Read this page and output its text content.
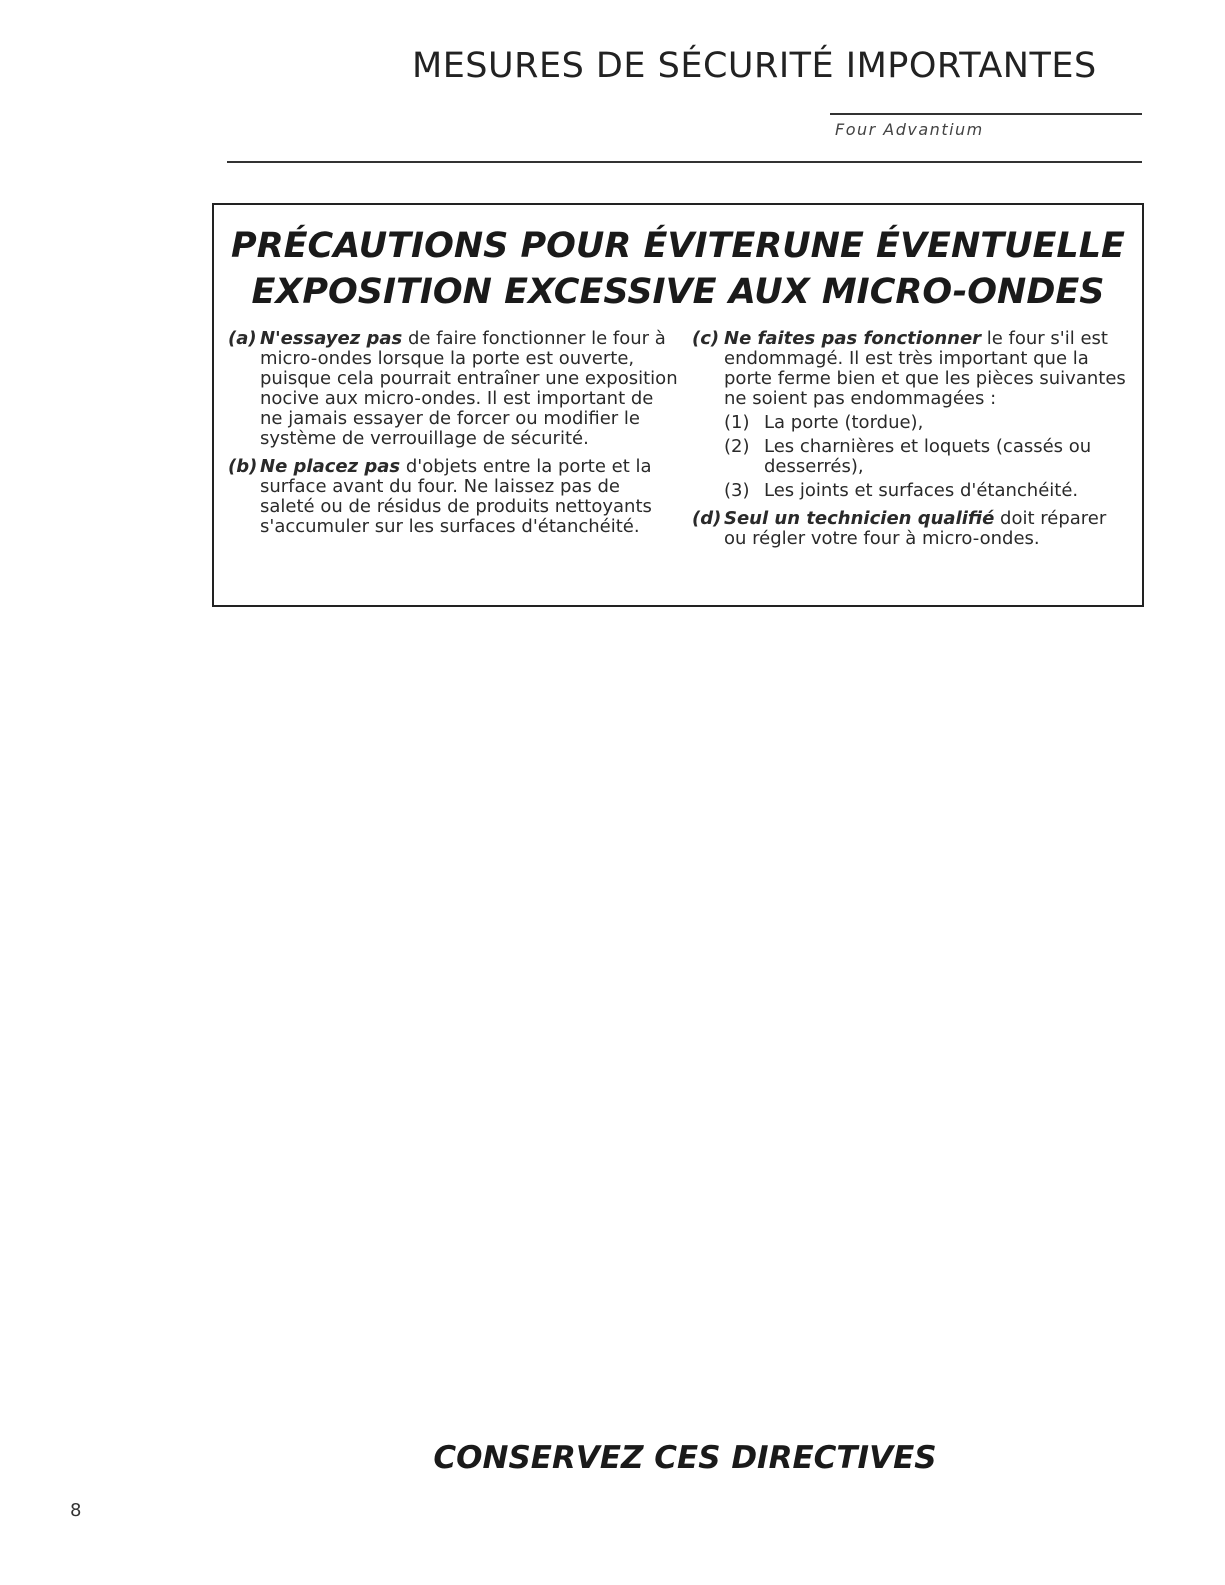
MESURES DE SÉCURITÉ IMPORTANTES
Four Advantium
PRÉCAUTIONS POUR ÉVITERUNE ÉVENTUELLE
EXPOSITION EXCESSIVE AUX MICRO-ONDES
(a) N'essayez pas de faire fonctionner le four à micro-ondes lorsque la porte est ouverte, puisque cela pourrait entraîner une exposition nocive aux micro-ondes. Il est important de ne jamais essayer de forcer ou modifier le système de verrouillage de sécurité.
(b) Ne placez pas d'objets entre la porte et la surface avant du four. Ne laissez pas de saleté ou de résidus de produits nettoyants s'accumuler sur les surfaces d'étanchéité.
(c) Ne faites pas fonctionner le four s'il est endommagé. Il est très important que la porte ferme bien et que les pièces suivantes ne soient pas endommagées :
(1) La porte (tordue),
(2) Les charnières et loquets (cassés ou desserrés),
(3) Les joints et surfaces d'étanchéité.
(d) Seul un technicien qualifié doit réparer ou régler votre four à micro-ondes.
CONSERVEZ CES DIRECTIVES
8
